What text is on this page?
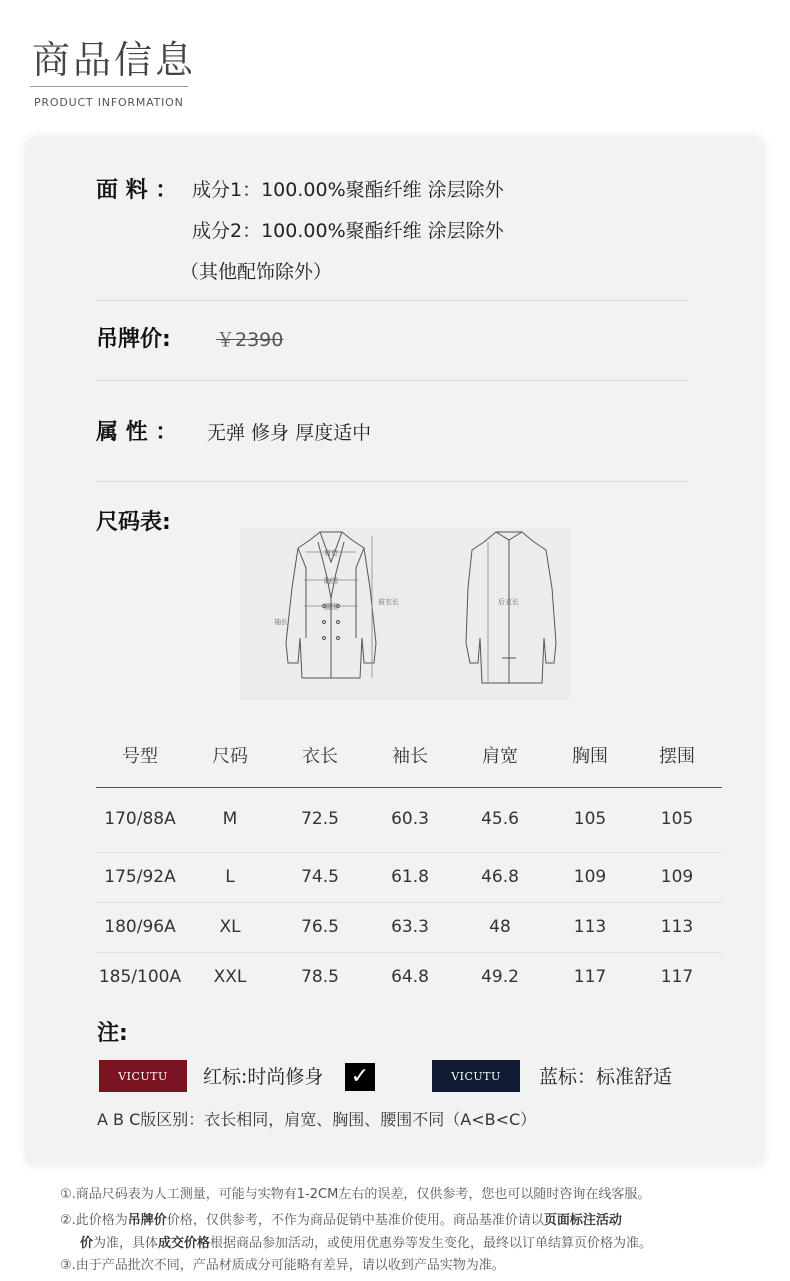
商品信息
PRODUCT INFORMATION
面 料 ： 成分1：100.00%聚酯纤维 涂层除外
成分2：100.00%聚酯纤维 涂层除外
（其他配饰除外）
吊牌价: ￥2390
属 性 ： 无弹 修身 厚度适中
尺码表:
肩宽
胸围
腰围
前衣长
袖长
后衣长
号型	尺码	衣长	袖长	肩宽	胸围	摆围
170/88A	M	72.5	60.3	45.6	105	105
175/92A	L	74.5	61.8	46.8	109	109
180/96A	XL	76.5	63.3	48	113	113
185/100A	XXL	78.5	64.8	49.2	117	117
注:
VICUTU 红标:时尚修身 ✓	VICUTU 蓝标：标准舒适
A B C版区别：衣长相同，肩宽、胸围、腰围不同（A<B<C）
①.商品尺码表为人工测量，可能与实物有1-2CM左右的误差，仅供参考，您也可以随时咨询在线客服。
②.此价格为吊牌价价格，仅供参考，不作为商品促销中基准价使用。商品基准价请以页面标注活动
价为准，具体成交价格根据商品参加活动，或使用优惠券等发生变化，最终以订单结算页价格为准。
③.由于产品批次不同，产品材质成分可能略有差异，请以收到产品实物为准。
